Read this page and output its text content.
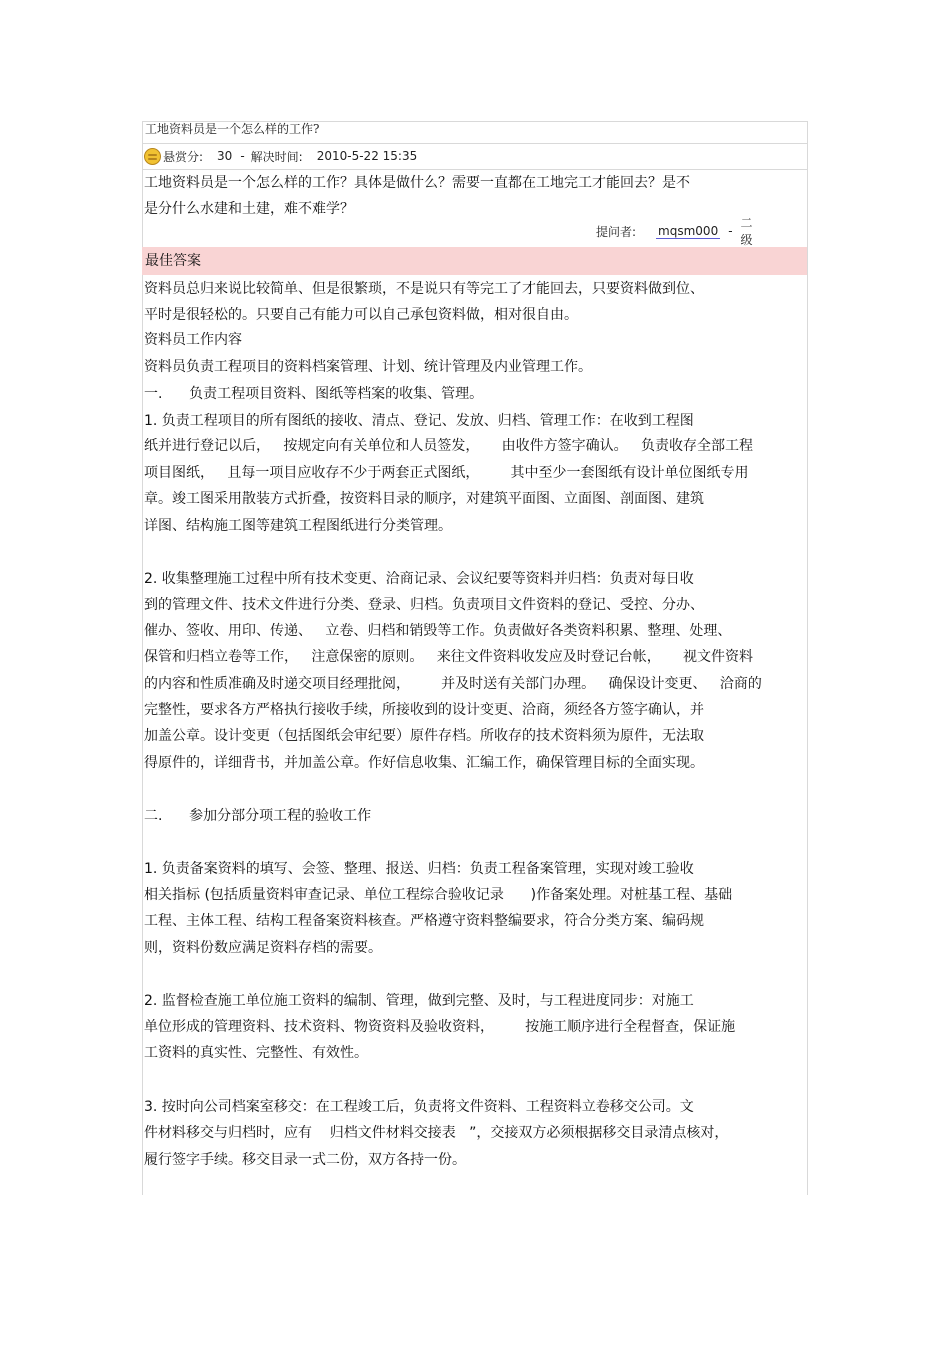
工地资料员是一个怎么样的工作?
悬赏分: 30 - 解决时间: 2010-5-22 15:35
工地资料员是一个怎么样的工作？具体是做什么？需要一直都在工地完工才能回去？是不
是分什么水建和土建，难不难学？
提问者: mqsm000 -
二 级
最佳答案
资料员总归来说比较简单、但是很繁琐，不是说只有等完工了才能回去，只要资料做到位、
平时是很轻松的。只要自己有能力可以自己承包资料做，相对很自由。
资料员工作内容
资料员负责工程项目的资料档案管理、计划、统计管理及内业管理工作。
一.      负责工程项目资料、图纸等档案的收集、管理。
1. 负责工程项目的所有图纸的接收、清点、登记、发放、归档、管理工作：在收到工程图
纸并进行登记以后，   按规定向有关单位和人员签发，     由收件方签字确认。   负责收存全部工程
项目图纸，   且每一项目应收存不少于两套正式图纸，       其中至少一套图纸有设计单位图纸专用
章。竣工图采用散装方式折叠，按资料目录的顺序，对建筑平面图、立面图、剖面图、建筑
详图、结构施工图等建筑工程图纸进行分类管理。
2. 收集整理施工过程中所有技术变更、洽商记录、会议纪要等资料并归档：负责对每日收
到的管理文件、技术文件进行分类、登录、归档。负责项目文件资料的登记、受控、分办、
催办、签收、用印、传递、   立卷、归档和销毁等工作。负责做好各类资料积累、整理、处理、
保管和归档立卷等工作，   注意保密的原则。   来往文件资料收发应及时登记台帐，     视文件资料
的内容和性质准确及时递交项目经理批阅，       并及时送有关部门办理。   确保设计变更、   洽商的
完整性，要求各方严格执行接收手续，所接收到的设计变更、洽商，须经各方签字确认，并
加盖公章。设计变更（包括图纸会审纪要）原件存档。所收存的技术资料须为原件，无法取
得原件的，详细背书，并加盖公章。作好信息收集、汇编工作，确保管理目标的全面实现。
二.      参加分部分项工程的验收工作
1. 负责备案资料的填写、会签、整理、报送、归档：负责工程备案管理，实现对竣工验收
相关指标 (包括质量资料审查记录、单位工程综合验收记录      )作备案处理。对桩基工程、基础
工程、主体工程、结构工程备案资料核查。严格遵守资料整编要求，符合分类方案、编码规
则，资料份数应满足资料存档的需要。
2. 监督检查施工单位施工资料的编制、管理，做到完整、及时，与工程进度同步：对施工
单位形成的管理资料、技术资料、物资资料及验收资料，       按施工顺序进行全程督查，保证施
工资料的真实性、完整性、有效性。
3. 按时向公司档案室移交：在工程竣工后，负责将文件资料、工程资料立卷移交公司。文
件材料移交与归档时，应有    归档文件材料交接表   ”，交接双方必须根据移交目录清点核对，
履行签字手续。移交目录一式二份，双方各持一份。
